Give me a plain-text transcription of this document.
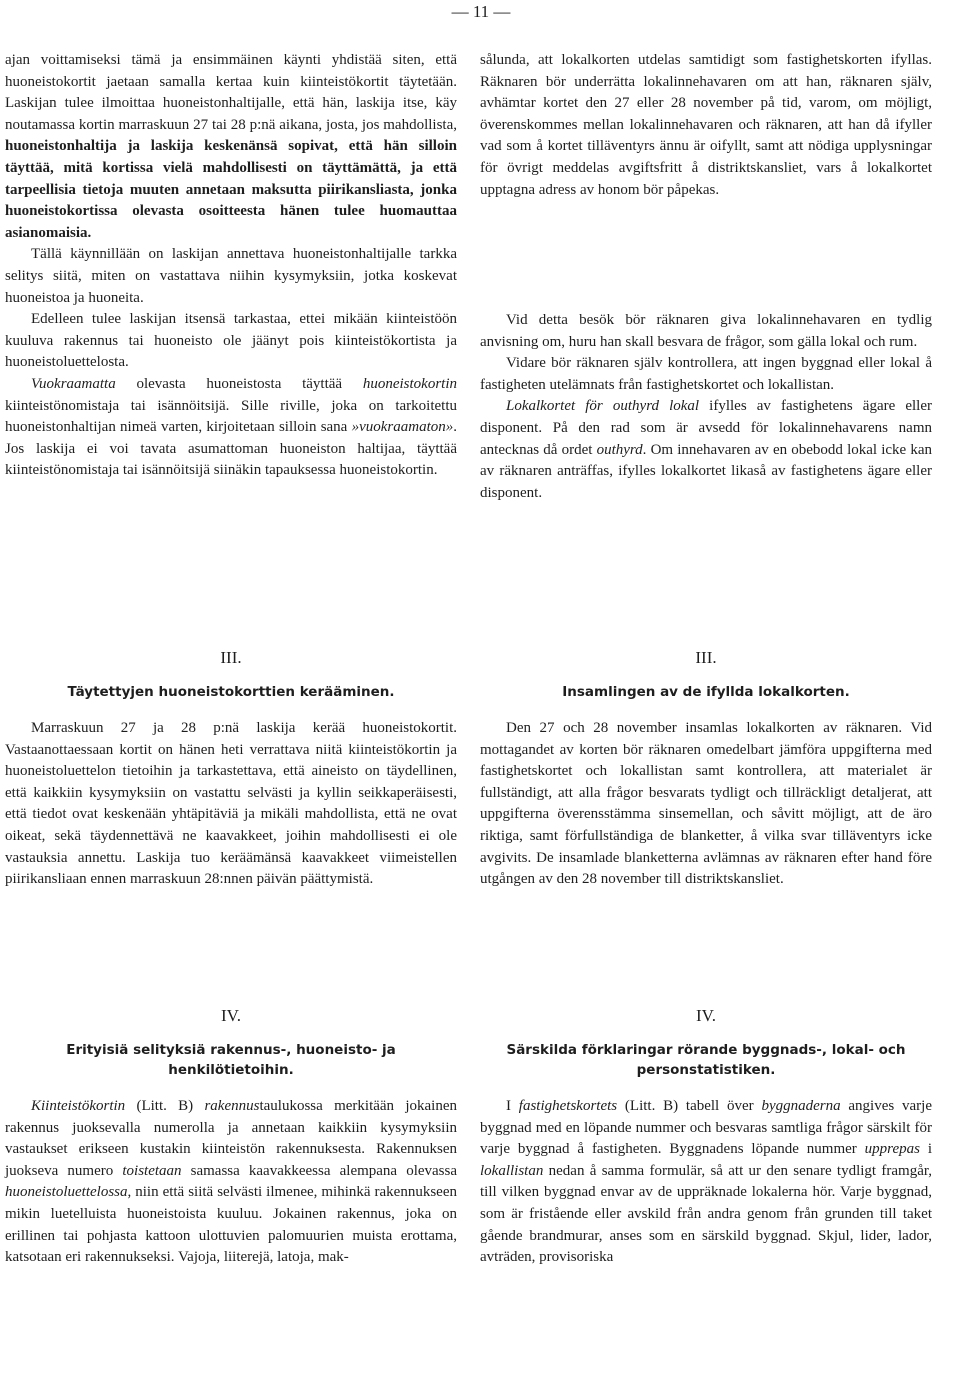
— 11 —

ajan voittamiseksi tämä ja ensimmäinen käynti yhdistää siten, että huoneistokortit jaetaan samalla kertaa kuin kiinteistökortit täytetään. Laskijan tulee ilmoittaa huoneistonhaltijalle, että hän, laskija itse, käy noutamassa kortin marraskuun 27 tai 28 p:nä aikana, josta, jos mahdollista, huoneistonhaltija ja laskija keskenänsä sopivat, että hän silloin täyttää, mitä kortissa vielä mahdollisesti on täyttämättä, ja että tarpeellisia tietoja muuten annetaan maksutta piirikansliasta, jonka huoneistokortissa olevasta osoitteesta hänen tulee huomauttaa asianomaisia.

Tällä käynnillään on laskijan annettava huoneistonhaltijalle tarkka selitys siitä, miten on vastattava niihin kysymyksiin, jotka koskevat huoneistoa ja huoneita.

Edelleen tulee laskijan itsensä tarkastaa, ettei mikään kiinteistöön kuuluva rakennus tai huoneisto ole jäänyt pois kiinteistökortista ja huoneistoluettelosta.

Vuokraamatta olevasta huoneistosta täyttää huoneistokortin kiinteistönomistaja tai isännöitsijä. Sille riville, joka on tarkoitettu huoneistonhaltijan nimeä varten, kirjoitetaan silloin sana »vuokraamaton». Jos laskija ei voi tavata asumattoman huoneiston haltijaa, täyttää kiinteistönomistaja tai isännöitsijä siinäkin tapauksessa huoneistokortin.

sålunda, att lokalkorten utdelas samtidigt som fastighetskorten ifyllas. Räknaren bör underrätta lokalinnehavaren om att han, räknaren själv, avhämtar kortet den 27 eller 28 november på tid, varom, om möjligt, överenskommes mellan lokalinnehavaren och räknaren, att han då ifyller vad som å kortet tilläventyrs ännu är oifyllt, samt att nödiga upplysningar för övrigt meddelas avgiftsfritt å distriktskansliet, vars å lokalkortet upptagna adress av honom bör påpekas.

Vid detta besök bör räknaren giva lokalinnehavaren en tydlig anvisning om, huru han skall besvara de frågor, som gälla lokal och rum.

Vidare bör räknaren själv kontrollera, att ingen byggnad eller lokal å fastigheten utelämnats från fastighetskortet och lokallistan.

Lokalkortet för outhyrd lokal ifylles av fastighetens ägare eller disponent. På den rad som är avsedd för lokalinnehavarens namn antecknas då ordet outhyrd. Om innehavaren av en obebodd lokal icke kan av räknaren anträffas, ifylles lokalkortet likaså av fastighetens ägare eller disponent.

III.
Täytettyjen huoneistokorttien kerääminen.

Marraskuun 27 ja 28 p:nä laskija kerää huoneistokortit. Vastaanottaessaan kortit on hänen heti verrattava niitä kiinteistökortin ja huoneistoluettelon tietoihin ja tarkastettava, että aineisto on täydellinen, että kaikkiin kysymyksiin on vastattu selvästi ja kyllin seikkaperäisesti, että tiedot ovat keskenään yhtäpitäviä ja mikäli mahdollista, että ne ovat oikeat, sekä täydennettävä ne kaavakkeet, joihin mahdollisesti ei ole vastauksia annettu. Laskija tuo keräämänsä kaavakkeet viimeistellen piirikansliaan ennen marraskuun 28:nnen päivän päättymistä.

III.
Insamlingen av de ifyllda lokalkorten.

Den 27 och 28 november insamlas lokalkorten av räknaren. Vid mottagandet av korten bör räknaren omedelbart jämföra uppgifterna med fastighetskortet och lokallistan samt kontrollera, att materialet är fullständigt, att alla frågor besvarats tydligt och tillräckligt detaljerat, att uppgifterna överensstämma sinsemellan, och såvitt möjligt, att de äro riktiga, samt förfullständiga de blanketter, å vilka svar tilläventyrs icke avgivits. De insamlade blanketterna avlämnas av räknaren efter hand före utgången av den 28 november till distriktskansliet.

IV.
Erityisiä selityksiä rakennus-, huoneisto- ja henkilötietoihin.

Kiinteistökortin (Litt. B) rakennustaulukossa merkitään jokainen rakennus juoksevalla numerolla ja annetaan kaikkiin kysymyksiin vastaukset erikseen kustakin kiinteistön rakennuksesta. Rakennuksen juokseva numero toistetaan samassa kaavakkeessa alempana olevassa huoneistoluettelossa, niin että siitä selvästi ilmenee, mihinkä rakennukseen mikin luetelluista huoneistoista kuuluu. Jokainen rakennus, joka on erillinen tai pohjasta kattoon ulottuvien palomuurien muista erottama, katsotaan eri rakennukseksi. Vajoja, liiterejä, latoja, mak-

IV.
Särskilda förklaringar rörande byggnads-, lokal- och personstatistiken.

I fastighetskortets (Litt. B) tabell över byggnaderna angives varje byggnad med en löpande nummer och besvaras samtliga frågor särskilt för varje byggnad å fastigheten. Byggnadens löpande nummer upprepas i lokallistan nedan å samma formulär, så att ur den senare tydligt framgår, till vilken byggnad envar av de uppräknade lokalerna hör. Varje byggnad, som är fristående eller avskild från andra genom från grunden till taket gående brandmurar, anses som en särskild byggnad. Skjul, lider, lador, avträden, provisoriska
